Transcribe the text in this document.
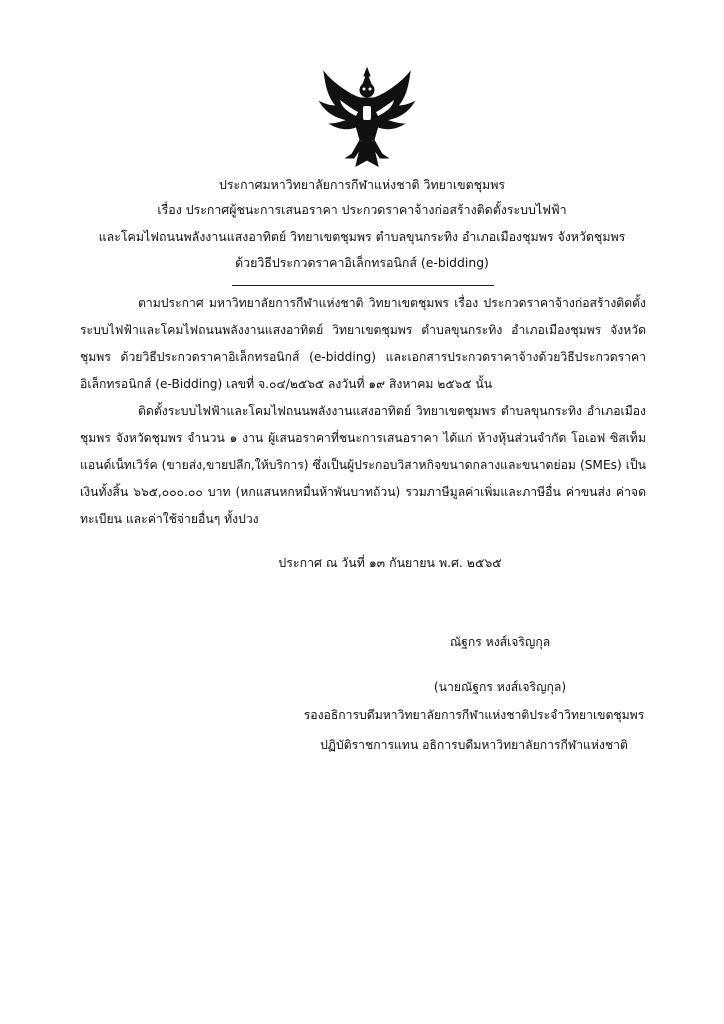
ประกาศมหาวิทยาลัยการกีฬาแห่งชาติ วิทยาเขตชุมพร
เรื่อง ประกาศผู้ชนะการเสนอราคา ประกวดราคาจ้างก่อสร้างติดตั้งระบบไฟฟ้า
และโคมไฟถนนพลังงานแสงอาทิตย์ วิทยาเขตชุมพร ตำบลขุนกระทิง อำเภอเมืองชุมพร จังหวัดชุมพร
ด้วยวิธีประกวดราคาอิเล็กทรอนิกส์ (e-bidding)

ตามประกาศ มหาวิทยาลัยการกีฬาแห่งชาติ วิทยาเขตชุมพร เรื่อง ประกวดราคาจ้างก่อสร้างติดตั้งระบบไฟฟ้าและโคมไฟถนนพลังงานแสงอาทิตย์ วิทยาเขตชุมพร ตำบลขุนกระทิง อำเภอเมืองชุมพร จังหวัดชุมพร ด้วยวิธีประกวดราคาอิเล็กทรอนิกส์ (e-bidding) และเอกสารประกวดราคาจ้างด้วยวิธีประกวดราคาอิเล็กทรอนิกส์ (e-Bidding) เลขที่ จ.๐๔/๒๕๖๕ ลงวันที่ ๑๙ สิงหาคม ๒๕๖๕ นั้น

ติดตั้งระบบไฟฟ้าและโคมไฟถนนพลังงานแสงอาทิตย์ วิทยาเขตชุมพร ตำบลขุนกระทิง อำเภอเมืองชุมพร จังหวัดชุมพร จำนวน ๑ งาน ผู้เสนอราคาที่ชนะการเสนอราคา ได้แก่ ห้างหุ้นส่วนจำกัด โอเอฟ ซิสเท็มแอนด์เน็ทเวิร์ค (ขายส่ง,ขายปลีก,ให้บริการ) ซึ่งเป็นผู้ประกอบวิสาหกิจขนาดกลางและขนาดย่อม (SMEs) เป็นเงินทั้งสิ้น ๖๖๕,๐๐๐.๐๐ บาท (หกแสนหกหมื่นห้าพันบาทถ้วน) รวมภาษีมูลค่าเพิ่มและภาษีอื่น ค่าขนส่ง ค่าจดทะเบียน และค่าใช้จ่ายอื่นๆ ทั้งปวง

ประกาศ ณ วันที่ ๑๓ กันยายน พ.ศ. ๒๕๖๕
ณัฐกร หงส์เจริญกุล
(นายณัฐกร หงส์เจริญกุล)
รองอธิการบดีมหาวิทยาลัยการกีฬาแห่งชาติประจำวิทยาเขตชุมพร
ปฏิบัติราชการแทน อธิการบดีมหาวิทยาลัยการกีฬาแห่งชาติ
